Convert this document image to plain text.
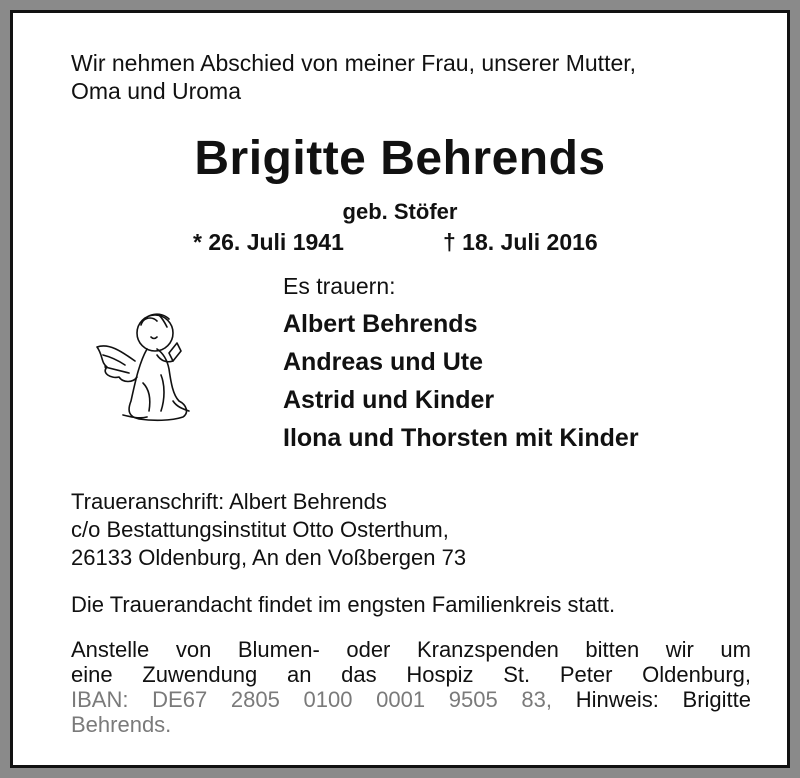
Wir nehmen Abschied von meiner Frau, unserer Mutter,
Oma und Uroma

Brigitte Behrends
geb. Stöfer
* 26. Juli 1941	† 18. Juli 2016
Es trauern:
Albert Behrends
Andreas und Ute
Astrid und Kinder
Ilona und Thorsten mit Kinder

Traueranschrift: Albert Behrends
c/o Bestattungsinstitut Otto Osterthum,
26133 Oldenburg, An den Voßbergen 73

Die Trauerandacht findet im engsten Familienkreis statt.

Anstelle von Blumen- oder Kranzspenden bitten wir um
eine Zuwendung an das Hospiz St. Peter Oldenburg,
IBAN: DE67 2805 0100 0001 9505 83, Hinweis: Brigitte
Behrends.
